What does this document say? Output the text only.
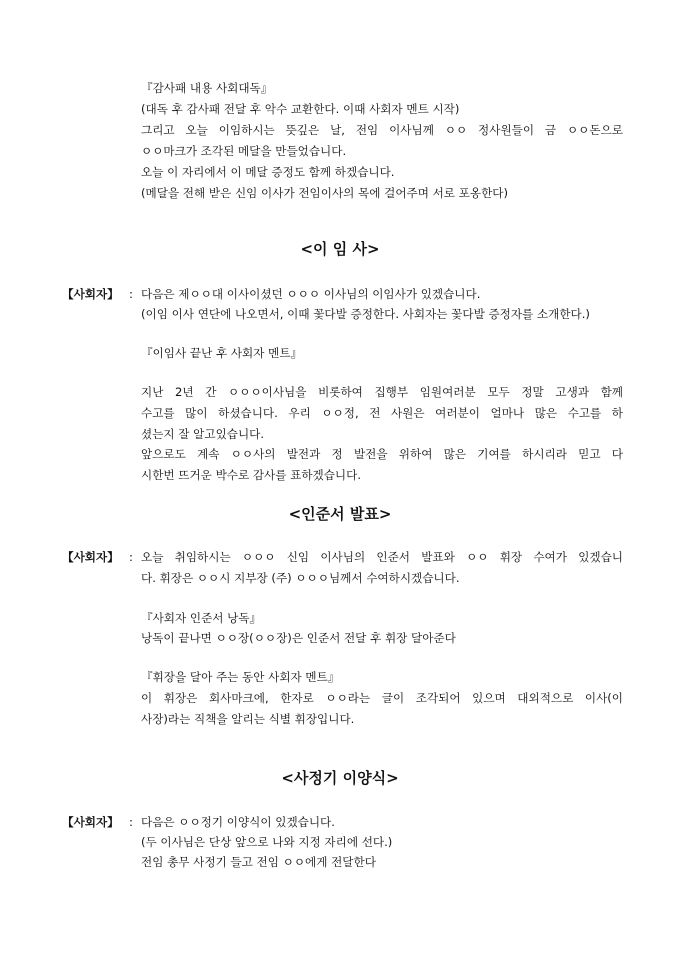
『감사패 내용 사회대독』
(대독 후 감사패 전달 후 악수 교환한다. 이때 사회자 멘트 시작)
그리고 오늘 이임하시는 뜻깊은 날, 전임 이사님께 ㅇㅇ 정사원들이 금 ㅇㅇ돈으로
ㅇㅇ마크가 조각된 메달을 만들었습니다.
오늘 이 자리에서 이 메달 증정도 함께 하겠습니다.
(메달을 전해 받은 신임 이사가 전임이사의 목에 걸어주며 서로 포옹한다)
<이 임 사>
【사회자】 : 다음은 제ㅇㅇ대 이사이셨던 ㅇㅇㅇ 이사님의 이임사가 있겠습니다.
(이임 이사 연단에 나오면서, 이때 꽃다발 증정한다. 사회자는 꽃다발 증정자를 소개한다.)
『이임사 끝난 후 사회자 멘트』
지난 2년 간 ㅇㅇㅇ이사님을 비롯하여 집행부 임원여러분 모두 정말 고생과 함께
수고를 많이 하셨습니다. 우리 ㅇㅇ정, 전 사원은 여러분이 얼마나 많은 수고를 하
셨는지 잘 알고있습니다.
앞으로도 계속 ㅇㅇ사의 발전과 정 발전을 위하여 많은 기여를 하시리라 믿고 다
시한번 뜨거운 박수로 감사를 표하겠습니다.
<인준서 발표>
【사회자】 : 오늘 취임하시는 ㅇㅇㅇ 신임 이사님의 인준서 발표와 ㅇㅇ 휘장 수여가 있겠습니
다. 휘장은 ㅇㅇ시 지부장 (주) ㅇㅇㅇ님께서 수여하시겠습니다.
『사회자 인준서 낭독』
낭독이 끝나면 ㅇㅇ장(ㅇㅇ장)은 인준서 전달 후 휘장 달아준다
『휘장을 달아 주는 동안 사회자 멘트』
이 휘장은 회사마크에, 한자로 ㅇㅇ라는 글이 조각되어 있으며 대외적으로 이사(이
사장)라는 직책을 알리는 식별 휘장입니다.
<사정기 이양식>
【사회자】 : 다음은 ㅇㅇ정기 이양식이 있겠습니다.
(두 이사님은 단상 앞으로 나와 지정 자리에 선다.)
전임 총무 사정기 들고 전임 ㅇㅇ에게 전달한다
